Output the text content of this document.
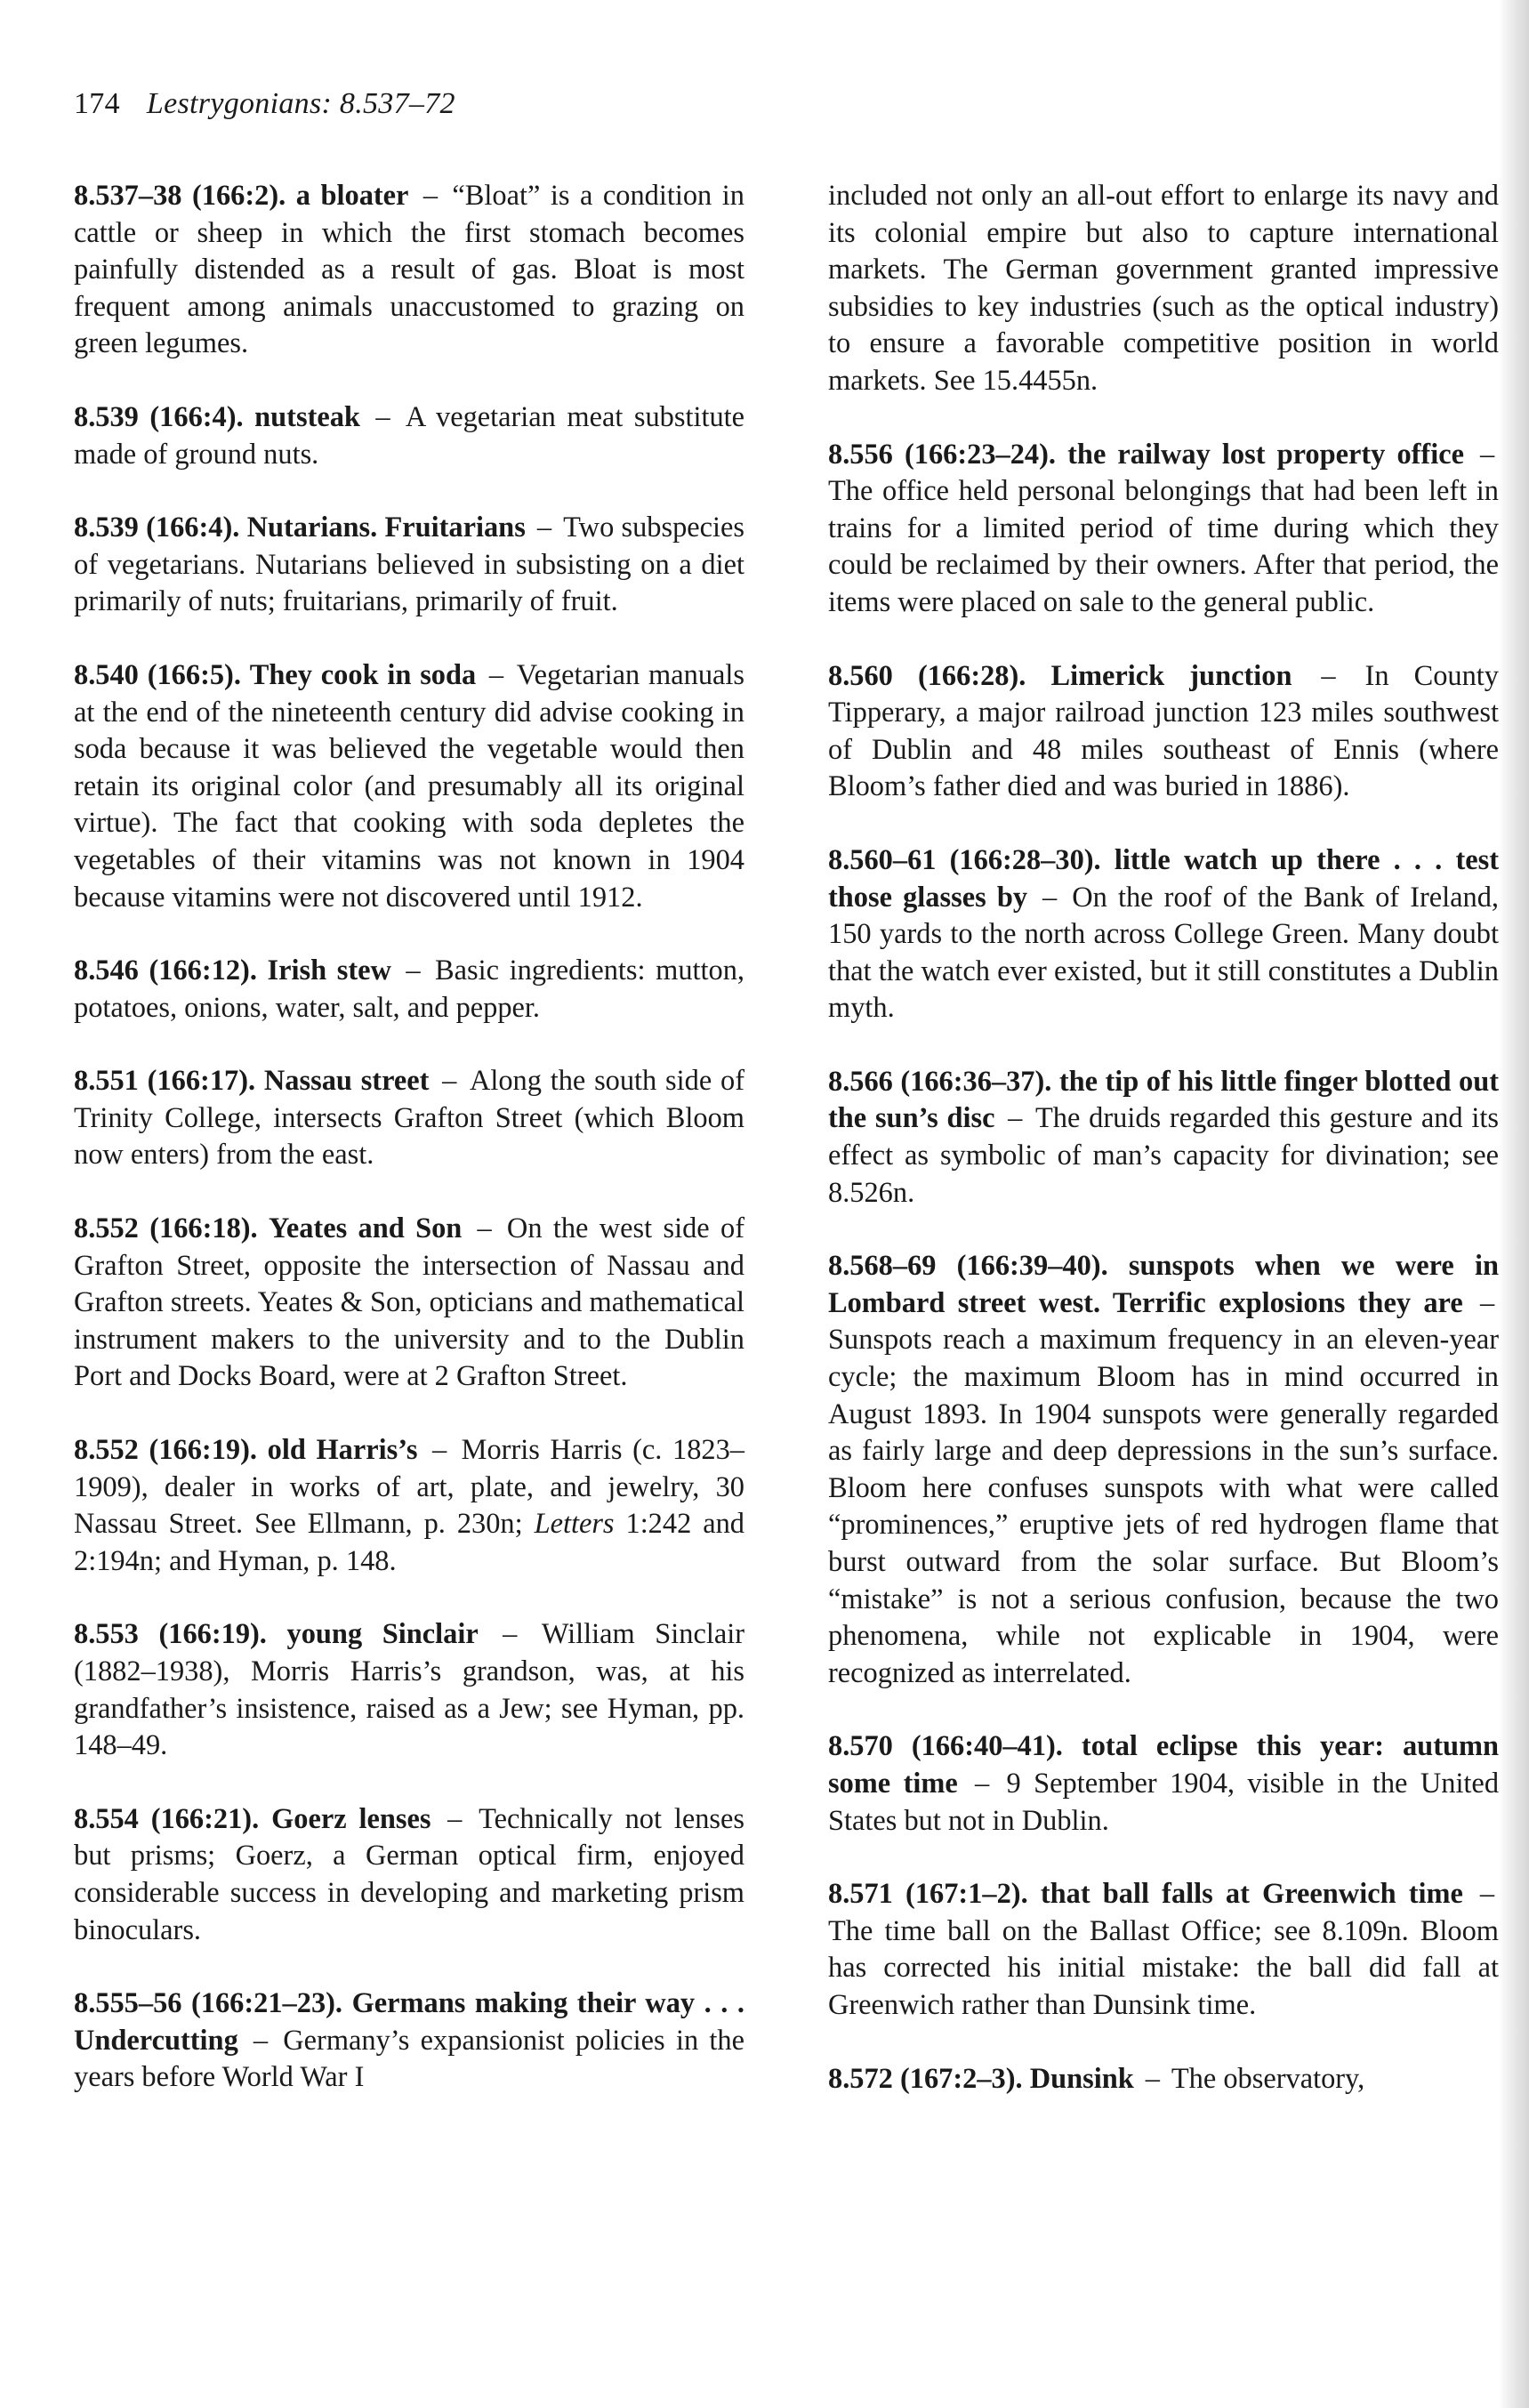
174 Lestrygonians: 8.537–72

8.537–38 (166:2). a bloater – “Bloat” is a condition in cattle or sheep in which the first stomach becomes painfully distended as a result of gas. Bloat is most frequent among animals unaccustomed to grazing on green legumes.

8.539 (166:4). nutsteak – A vegetarian meat substitute made of ground nuts.

8.539 (166:4). Nutarians. Fruitarians – Two subspecies of vegetarians. Nutarians believed in subsisting on a diet primarily of nuts; fruitarians, primarily of fruit.

8.540 (166:5). They cook in soda – Vegetarian manuals at the end of the nineteenth century did advise cooking in soda because it was believed the vegetable would then retain its original color (and presumably all its original virtue). The fact that cooking with soda depletes the vegetables of their vitamins was not known in 1904 because vitamins were not discovered until 1912.

8.546 (166:12). Irish stew – Basic ingredients: mutton, potatoes, onions, water, salt, and pepper.

8.551 (166:17). Nassau street – Along the south side of Trinity College, intersects Grafton Street (which Bloom now enters) from the east.

8.552 (166:18). Yeates and Son – On the west side of Grafton Street, opposite the intersection of Nassau and Grafton streets. Yeates & Son, opticians and mathematical instrument makers to the university and to the Dublin Port and Docks Board, were at 2 Grafton Street.

8.552 (166:19). old Harris’s – Morris Harris (c. 1823–1909), dealer in works of art, plate, and jewelry, 30 Nassau Street. See Ellmann, p. 230n; Letters 1:242 and 2:194n; and Hyman, p. 148.

8.553 (166:19). young Sinclair – William Sinclair (1882–1938), Morris Harris’s grandson, was, at his grandfather’s insistence, raised as a Jew; see Hyman, pp. 148–49.

8.554 (166:21). Goerz lenses – Technically not lenses but prisms; Goerz, a German optical firm, enjoyed considerable success in developing and marketing prism binoculars.

8.555–56 (166:21–23). Germans making their way . . . Undercutting – Germany’s expansionist policies in the years before World War I

included not only an all-out effort to enlarge its navy and its colonial empire but also to capture international markets. The German government granted impressive subsidies to key industries (such as the optical industry) to ensure a favorable competitive position in world markets. See 15.4455n.

8.556 (166:23–24). the railway lost property office – The office held personal belongings that had been left in trains for a limited period of time during which they could be reclaimed by their owners. After that period, the items were placed on sale to the general public.

8.560 (166:28). Limerick junction – In County Tipperary, a major railroad junction 123 miles southwest of Dublin and 48 miles southeast of Ennis (where Bloom’s father died and was buried in 1886).

8.560–61 (166:28–30). little watch up there . . . test those glasses by – On the roof of the Bank of Ireland, 150 yards to the north across College Green. Many doubt that the watch ever existed, but it still constitutes a Dublin myth.

8.566 (166:36–37). the tip of his little finger blotted out the sun’s disc – The druids regarded this gesture and its effect as symbolic of man’s capacity for divination; see 8.526n.

8.568–69 (166:39–40). sunspots when we were in Lombard street west. Terrific explosions they are – Sunspots reach a maximum frequency in an eleven-year cycle; the maximum Bloom has in mind occurred in August 1893. In 1904 sunspots were generally regarded as fairly large and deep depressions in the sun’s surface. Bloom here confuses sunspots with what were called “prominences,” eruptive jets of red hydrogen flame that burst outward from the solar surface. But Bloom’s “mistake” is not a serious confusion, because the two phenomena, while not explicable in 1904, were recognized as interrelated.

8.570 (166:40–41). total eclipse this year: autumn some time – 9 September 1904, visible in the United States but not in Dublin.

8.571 (167:1–2). that ball falls at Greenwich time – The time ball on the Ballast Office; see 8.109n. Bloom has corrected his initial mistake: the ball did fall at Greenwich rather than Dunsink time.

8.572 (167:2–3). Dunsink – The observatory,
